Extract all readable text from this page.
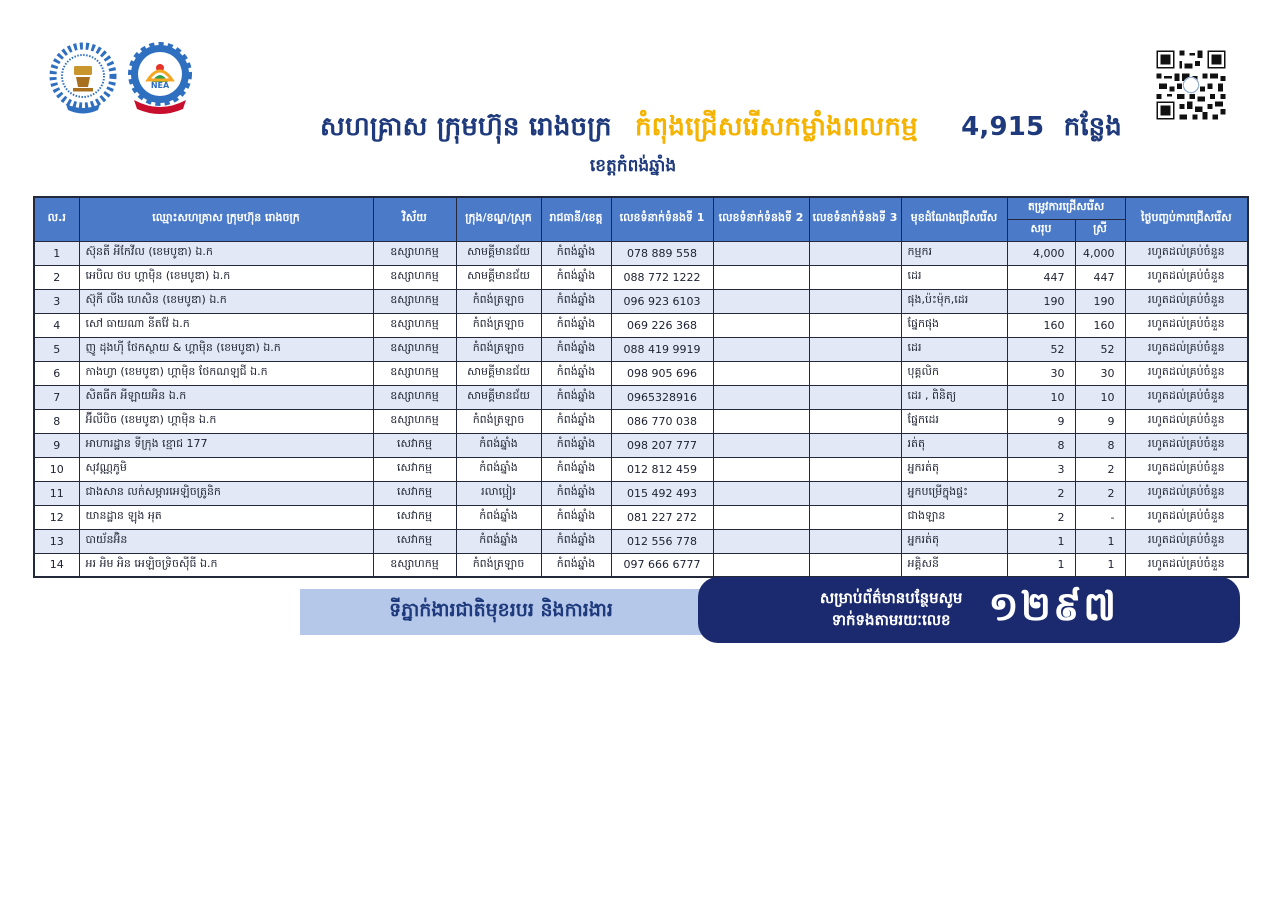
NEA
សហគ្រាស ក្រុមហ៊ុន រោងចក្រ កំពុងជ្រើសរើសកម្លាំងពលកម្ម 4,915 កន្លែង
ខេត្តកំពង់ឆ្នាំង
ល.រ	ឈ្មោះសហគ្រាស ក្រុមហ៊ុន រោងចក្រ	វិស័យ	ក្រុង/ខណ្ឌ/ស្រុក	រាជធានី/ខេត្ត	លេខទំនាក់ទំនងទី 1	លេខទំនាក់ទំនងទី 2	លេខទំនាក់ទំនងទី 3	មុខដំណែងជ្រើសរើស	តម្រូវការជ្រើសរើស		ថ្ងៃបញ្ចប់ការជ្រើសរើស
									សរុប	ស្រី	
1	ស៊ុនតី អីកែវីល (ខេមបូឌា) ឯ.ក	ឧស្សាហកម្ម	សាមគ្គីមានជ័យ	កំពង់ឆ្នាំង	078 889 558			កម្មករ	4,000	4,000	រហូតដល់គ្រប់ចំនួន
2	អេបិល ថប ហ្គាម៉ិន (ខេមបូឌា) ឯ.ក	ឧស្សាហកម្ម	សាមគ្គីមានជ័យ	កំពង់ឆ្នាំង	088 772 1222			ដេរ	447	447	រហូតដល់គ្រប់ចំនួន
3	ស៊ុកី លីង ហេសិន (ខេមបូឌា) ឯ.ក	ឧស្សាហកម្ម	កំពង់ត្រឡាច	កំពង់ឆ្នាំង	096 923 6103			ផុង,ប៉ះម៉ុក,ដេរ	190	190	រហូតដល់គ្រប់ចំនួន
4	សៅ ធាយណា នីតវ៉ែ ឯ.ក	ឧស្សាហកម្ម	កំពង់ត្រឡាច	កំពង់ឆ្នាំង	069 226 368			ផ្នែកផុង	160	160	រហូតដល់គ្រប់ចំនួន
5	ញូ ដុងហ៊ី ថែកស្ថាយ & ហ្គាម៉ិន (ខេមបូឌា) ឯ.ក	ឧស្សាហកម្ម	កំពង់ត្រឡាច	កំពង់ឆ្នាំង	088 419 9919			ដេរ	52	52	រហូតដល់គ្រប់ចំនួន
6	កាងហ្វា (ខេមបូឌា) ហ្គាម៉ិន ថែកណឡជី ឯ.ក	ឧស្សាហកម្ម	សាមគ្គីមានជ័យ	កំពង់ឆ្នាំង	098 905 696			បុគ្គលិក	30	30	រហូតដល់គ្រប់ចំនួន
7	សិតធីក អីឡាយអិន ឯ.ក	ឧស្សាហកម្ម	សាមគ្គីមានជ័យ	កំពង់ឆ្នាំង	0965328916			ដេរ , ពិនិត្យ	10	10	រហូតដល់គ្រប់ចំនួន
8	អ៊ីលីបិច (ខេមបូឌា) ហ្គាម៉ិន ឯ.ក	ឧស្សាហកម្ម	កំពង់ត្រឡាច	កំពង់ឆ្នាំង	086 770 038			ផ្នែកដេរ	9	9	រហូតដល់គ្រប់ចំនួន
9	អាហារដ្ឋាន ទីក្រុង ខ្មោជ 177	សេវាកម្ម	កំពង់ឆ្នាំង	កំពង់ឆ្នាំង	098 207 777			រត់តុ	8	8	រហូតដល់គ្រប់ចំនួន
10	សុវណ្ណភូមិ	សេវាកម្ម	កំពង់ឆ្នាំង	កំពង់ឆ្នាំង	012 812 459			អ្នករត់តុ	3	2	រហូតដល់គ្រប់ចំនួន
11	ជាងសាន លក់សម្ភារអេឡិចត្រូនិក	សេវាកម្ម	រលាប្អៀរ	កំពង់ឆ្នាំង	015 492 493			អ្នកបម្រើក្នុងផ្ទះ	2	2	រហូតដល់គ្រប់ចំនួន
12	យានដ្ឋាន ឡុង អុត	សេវាកម្ម	កំពង់ឆ្នាំង	កំពង់ឆ្នាំង	081 227 272			ជាងឡាន	2	-	រហូតដល់គ្រប់ចំនួន
13	បាយ័នអ៊ិន	សេវាកម្ម	កំពង់ឆ្នាំង	កំពង់ឆ្នាំង	012 556 778			អ្នករត់តុ	1	1	រហូតដល់គ្រប់ចំនួន
14	អរ អិម អិន អេឡិចទ្រិចស៊ីធី ឯ.ក	ឧស្សាហកម្ម	កំពង់ត្រឡាច	កំពង់ឆ្នាំង	097 666 6777			អគ្គិសនី	1	1	រហូតដល់គ្រប់ចំនួន
ទីភ្នាក់ងារជាតិមុខរបរ និងការងារ
សម្រាប់ព័ត៌មានបន្ថែមសូម
ទាក់ទងតាមរយៈលេខ ១២៩៧
